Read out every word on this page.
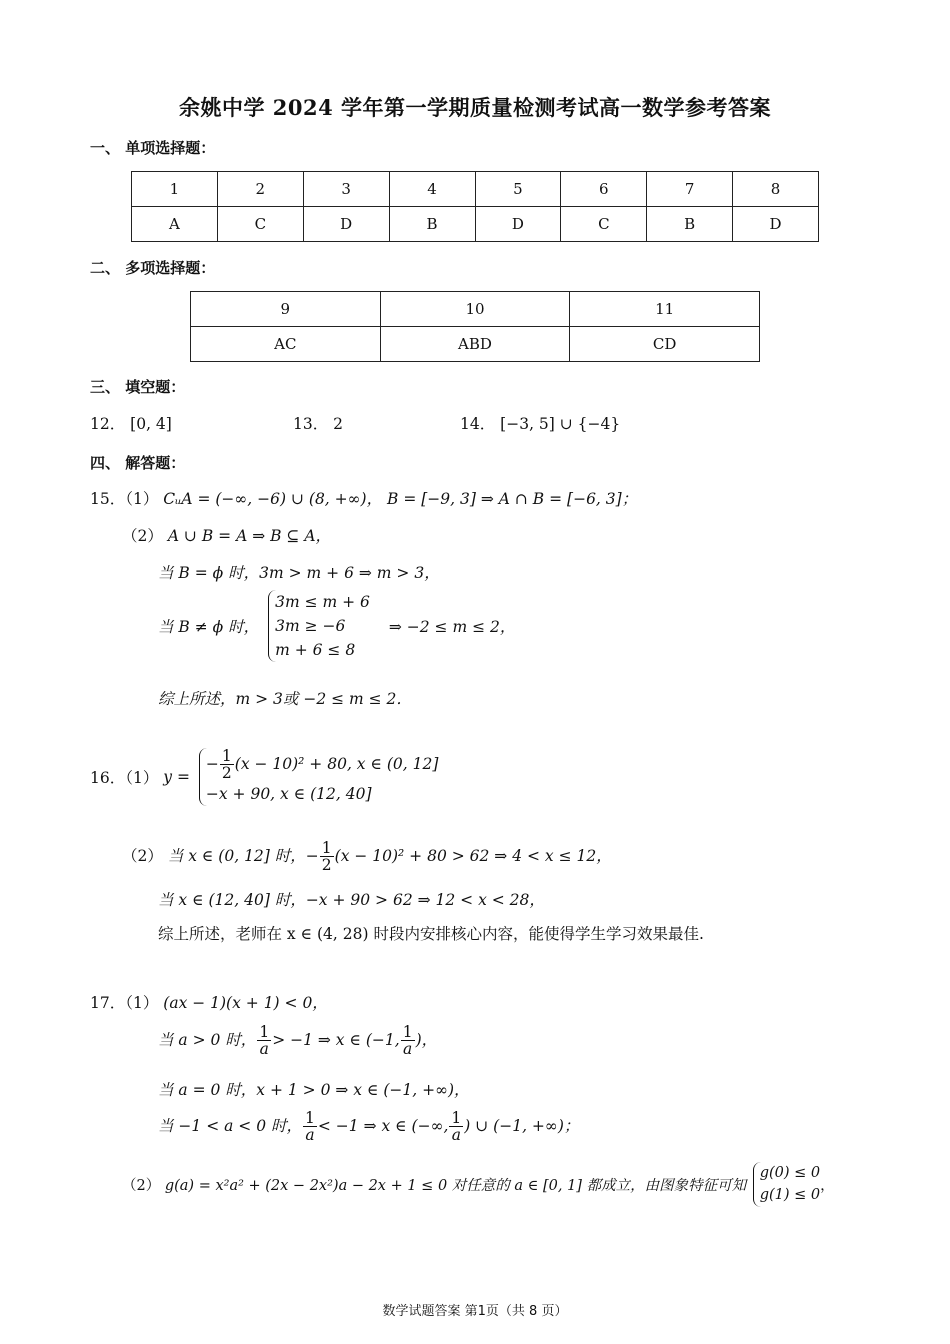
余姚中学 2024 学年第一学期质量检测考试高一数学参考答案
一、 单项选择题：
1	2	3	4	5	6	7	8
A	C	D	B	D	C	B	D
二、 多项选择题：
9	10	11
AC	ABD	CD
三、 填空题：
12． [0, 4]	13． 2	14． [−3, 5] ∪ {−4}
四、 解答题：
15．（1） CᵤA = (−∞, −6) ∪ (8, +∞)， B = [−9, 3] ⇒ A ∩ B = [−6, 3]；
（2） A ∪ B = A ⇒ B ⊆ A，
当 B = ϕ 时，3m > m + 6 ⇒ m > 3，
当 B ≠ ϕ 时，
3m ≤ m + 6
3m ≥ −6
m + 6 ≤ 8
⇒ −2 ≤ m ≤ 2，
综上所述，m > 3或 −2 ≤ m ≤ 2．
16．（1） y =
− $\frac{1}{2} (x - 10)^2 + 80$, x ∈ (0, 12]
−x + 90, x ∈ (12, 40]
（2） 当 x ∈ (0, 12] 时，− $\frac{1}{2} (x - 10)^2 + 80 > 62$ ⇒ 4 < x ≤ 12，
当 x ∈ (12, 40] 时，−x + 90 > 62 ⇒ 12 < x < 28，
综上所述，老师在 x ∈ (4, 28) 时段内安排核心内容，能使得学生学习效果最佳.
17．（1） (ax − 1)(x + 1) < 0，
当 a > 0 时， $\frac{1}{a} > -1$ ⇒ x ∈ (−1, $\frac{1}{a}$ )，
当 a = 0 时，x + 1 > 0 ⇒ x ∈ (−1, +∞)，
当 −1 < a < 0 时， $\frac{1}{a} < -1$ ⇒ x ∈ (−∞, $\frac{1}{a}$ ) ∪ (−1, +∞)；
（2） g(a) = x²a² + (2x − 2x²)a − 2x + 1 ≤ 0 对任意的 a ∈ [0, 1] 都成立，由图象特征可知
g(0) ≤ 0
g(1) ≤ 0
，
数学试题答案 第1页（共 8 页）
